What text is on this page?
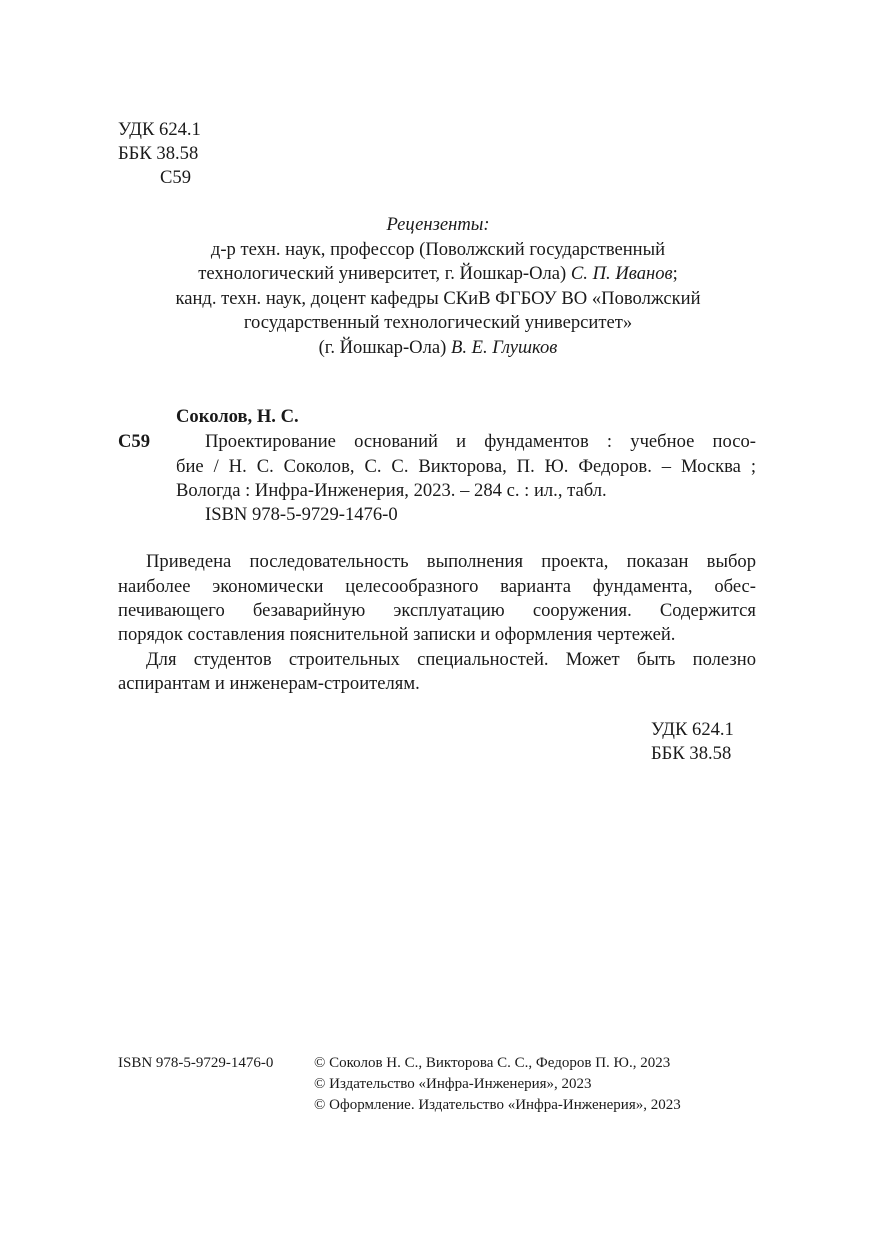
УДК 624.1
ББК 38.58
С59
Рецензенты:
д-р техн. наук, профессор (Поволжский государственный
технологический университет, г. Йошкар-Ола) С. П. Иванов;
канд. техн. наук, доцент кафедры СКиВ ФГБОУ ВО «Поволжский
государственный технологический университет»
(г. Йошкар-Ола) В. Е. Глушков
Соколов, Н. С.
С59	Проектирование оснований и фундаментов : учебное посо-
бие / Н. С. Соколов, С. С. Викторова, П. Ю. Федоров. – Москва ;
Вологда : Инфра-Инженерия, 2023. – 284 с. : ил., табл.
ISBN 978-5-9729-1476-0
Приведена последовательность выполнения проекта, показан выбор
наиболее экономически целесообразного варианта фундамента, обес-
печивающего безаварийную эксплуатацию сооружения. Содержится
порядок составления пояснительной записки и оформления чертежей.
Для студентов строительных специальностей. Может быть полезно
аспирантам и инженерам-строителям.
УДК 624.1
ББК 38.58
ISBN 978-5-9729-1476-0	© Соколов Н. С., Викторова С. С., Федоров П. Ю., 2023
© Издательство «Инфра-Инженерия», 2023
© Оформление. Издательство «Инфра-Инженерия», 2023
